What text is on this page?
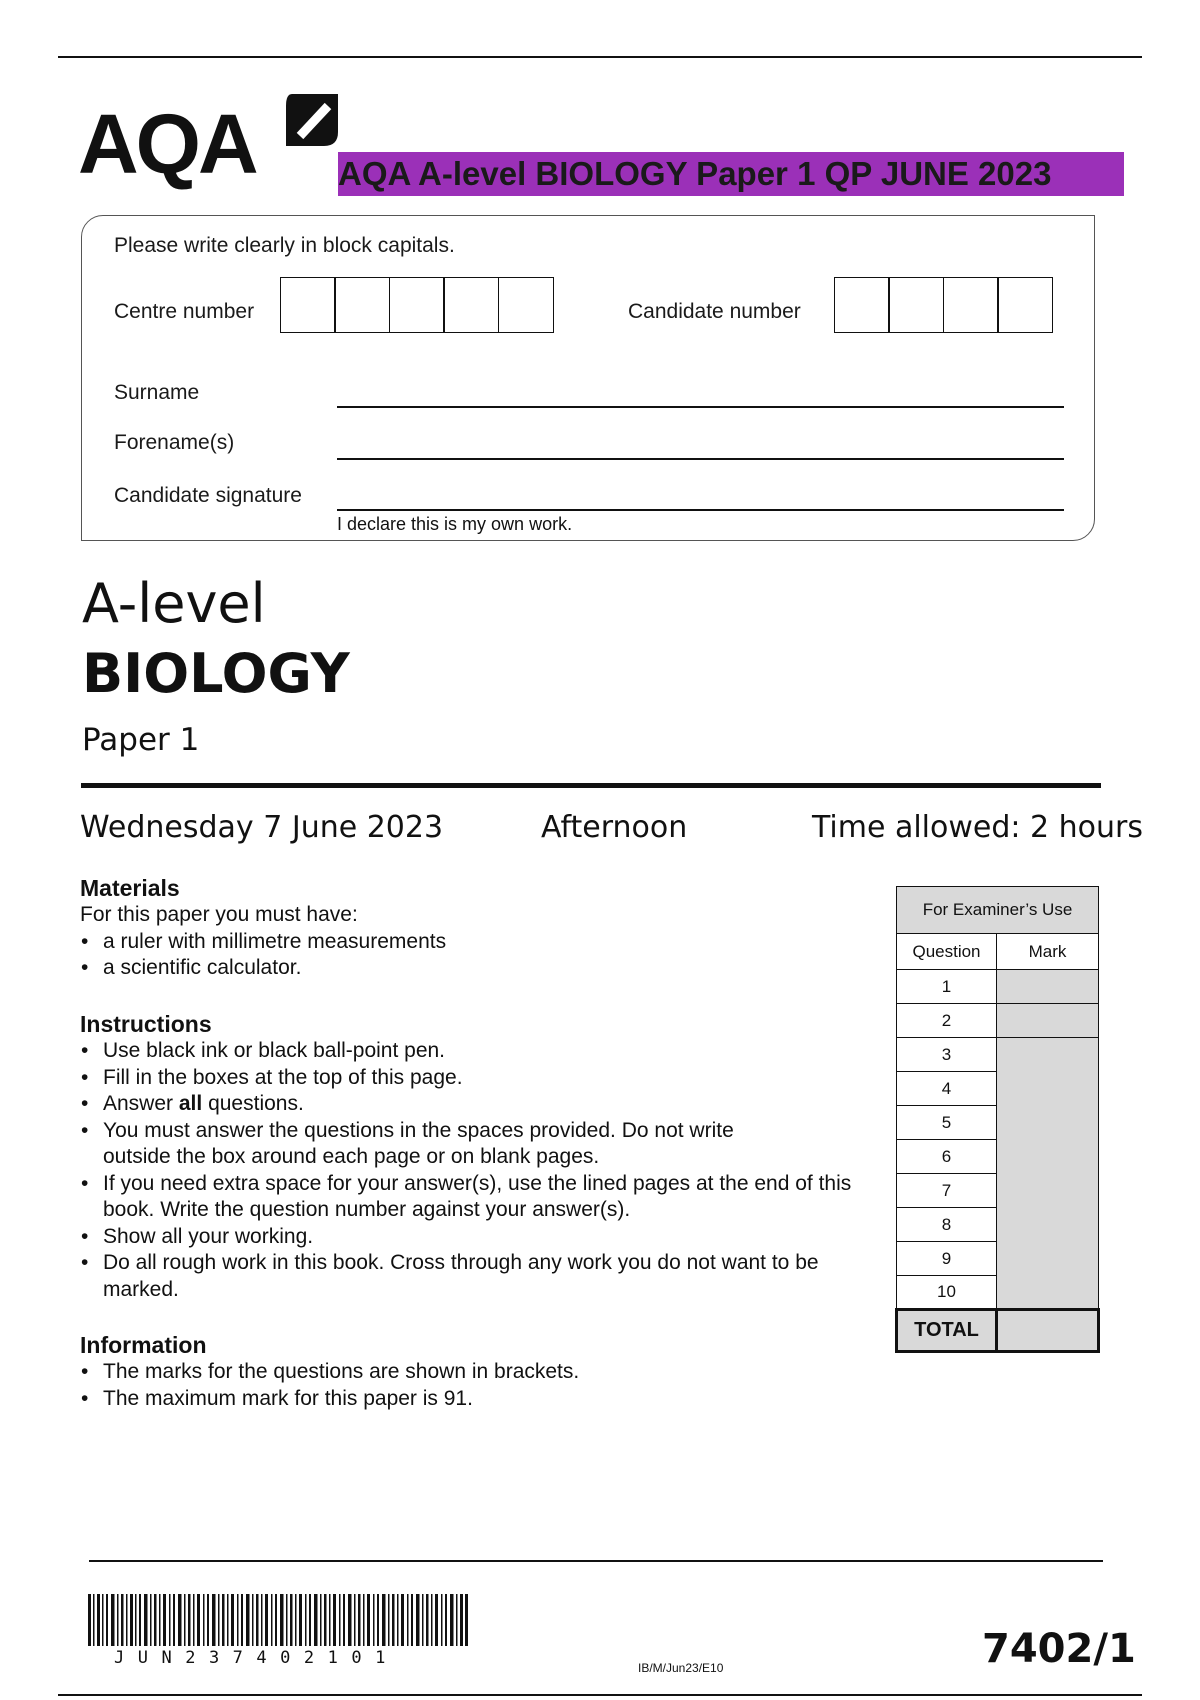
AQA AQA A-level BIOLOGY Paper 1 QP JUNE 2023
Please write clearly in block capitals.
Centre number	Candidate number
Surname
Forename(s)
Candidate signature
I declare this is my own work.
A-level
BIOLOGY
Paper 1
Wednesday 7 June 2023	Afternoon	Time allowed: 2 hours
Materials
For this paper you must have:
• a ruler with millimetre measurements
• a scientific calculator.
Instructions
• Use black ink or black ball-point pen.
• Fill in the boxes at the top of this page.
• Answer all questions.
• You must answer the questions in the spaces provided. Do not write outside the box around each page or on blank pages.
• If you need extra space for your answer(s), use the lined pages at the end of this book. Write the question number against your answer(s).
• Show all your working.
• Do all rough work in this book. Cross through any work you do not want to be marked.
Information
• The marks for the questions are shown in brackets.
• The maximum mark for this paper is 91.
For Examiner’s Use	
Question	Mark
1	
2	
3	
4	
5	
6	
7	
8	
9	
10	
TOTAL	
JUN237402101	IB/M/Jun23/E10	7402/1
